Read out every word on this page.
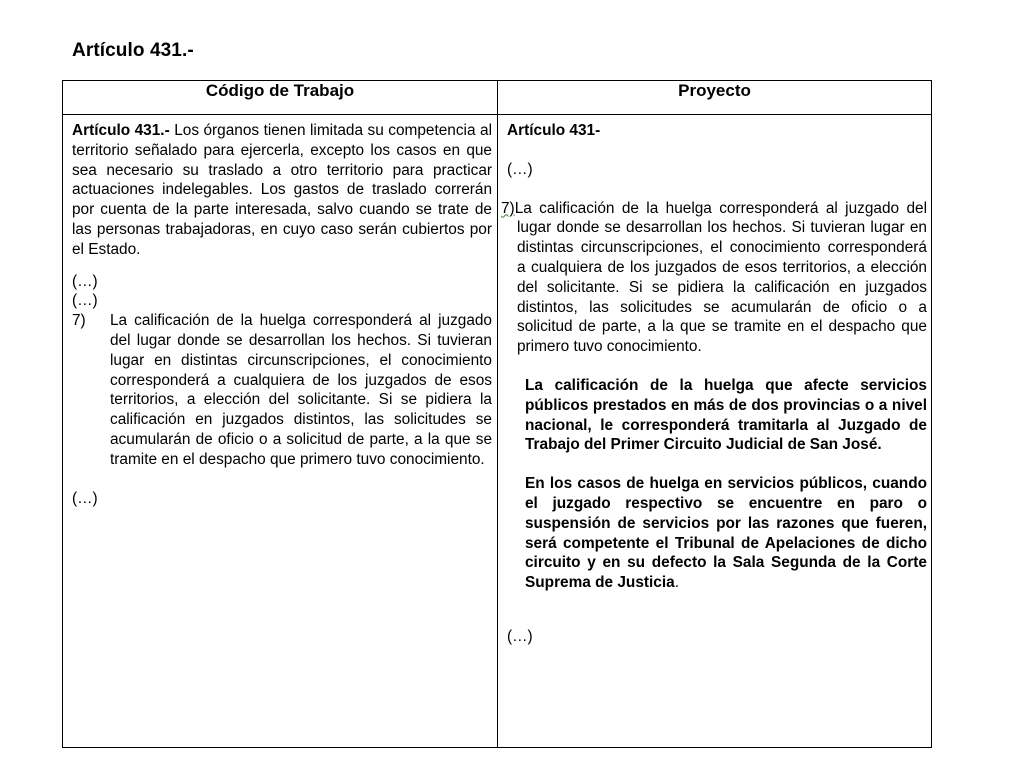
Artículo 431.-
Código de Trabajo	Proyecto

Artículo 431.- Los órganos tienen limitada su competencia al territorio señalado para ejercerla, excepto los casos en que sea necesario su traslado a otro territorio para practicar actuaciones indelegables. Los gastos de traslado correrán por cuenta de la parte interesada, salvo cuando se trate de las personas trabajadoras, en cuyo caso serán cubiertos por el Estado.

(…)

(…)

7)	La calificación de la huelga corresponderá al juzgado del lugar donde se desarrollan los hechos. Si tuvieran lugar en distintas circunscripciones, el conocimiento corresponderá a cualquiera de los juzgados de esos territorios, a elección del solicitante. Si se pidiera la calificación en juzgados distintos, las solicitudes se acumularán de oficio o a solicitud de parte, a la que se tramite en el despacho que primero tuvo conocimiento.

(…)

Artículo 431-

(…)

7)La calificación de la huelga corresponderá al juzgado del lugar donde se desarrollan los hechos. Si tuvieran lugar en distintas circunscripciones, el conocimiento corresponderá a cualquiera de los juzgados de esos territorios, a elección del solicitante. Si se pidiera la calificación en juzgados distintos, las solicitudes se acumularán de oficio o a solicitud de parte, a la que se tramite en el despacho que primero tuvo conocimiento.

La calificación de la huelga que afecte servicios públicos prestados en más de dos provincias o a nivel nacional, le corresponderá tramitarla al Juzgado de Trabajo del Primer Circuito Judicial de San José.

En los casos de huelga en servicios públicos, cuando el juzgado respectivo se encuentre en paro o suspensión de servicios por las razones que fueren, será competente el Tribunal de Apelaciones de dicho circuito y en su defecto la Sala Segunda de la Corte Suprema de Justicia.

(…)
